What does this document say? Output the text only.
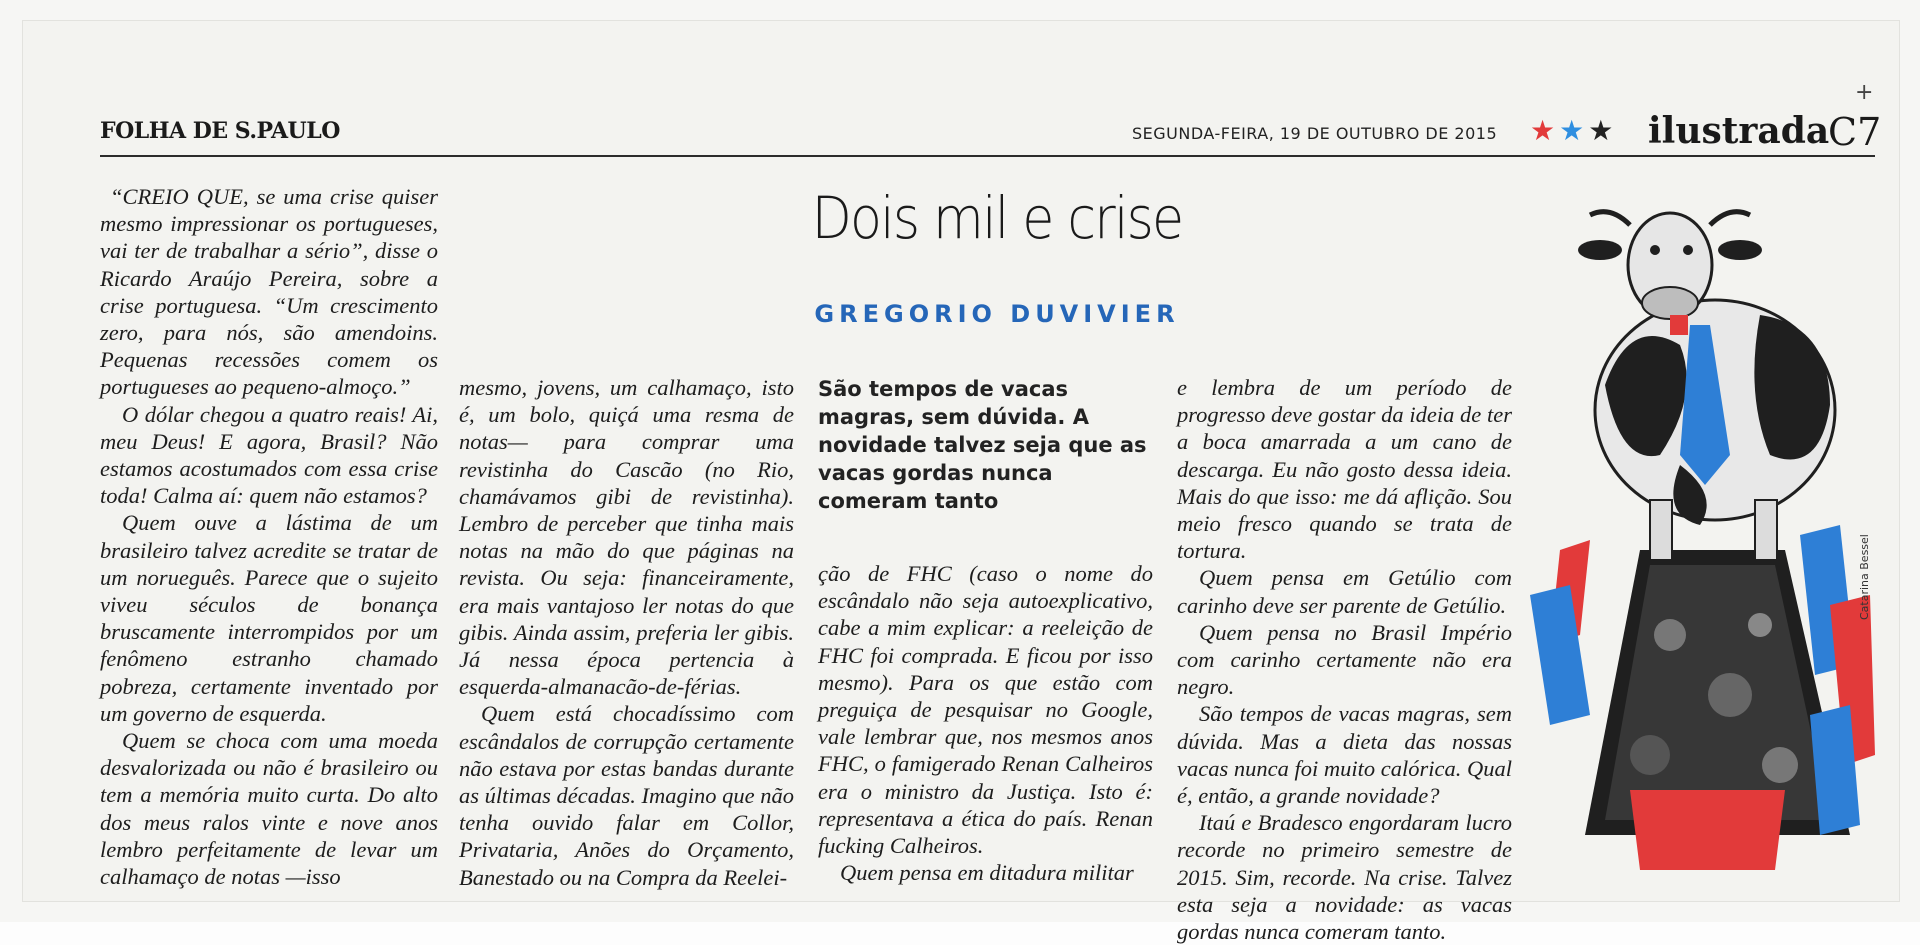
+
FOLHA DE S.PAULO	SEGUNDA-FEIRA, 19 DE OUTUBRO DE 2015 ★★★ ilustrada
C7

“CREIO QUE, se uma crise quiser mesmo impressionar os portugueses, vai ter de trabalhar a sério”, disse o Ricardo Araújo Pereira, sobre a crise portuguesa. “Um crescimento zero, para nós, são amendoins. Pequenas recessões comem os portugueses ao pequeno-almoço.”

O dólar chegou a quatro reais! Ai, meu Deus! E agora, Brasil? Não estamos acostumados com essa crise toda! Calma aí: quem não estamos?

Quem ouve a lástima de um brasileiro talvez acredite se tratar de um norueguês. Parece que o sujeito viveu séculos de bonança bruscamente interrompidos por um fenômeno estranho chamado pobreza, certamente inventado por um governo de esquerda.

Quem se choca com uma moeda desvalorizada ou não é brasileiro ou tem a memória muito curta. Do alto dos meus ralos vinte e nove anos lembro perfeitamente de levar um calhamaço de notas —isso

Dois mil e crise
GREGORIO DUVIVIER

mesmo, jovens, um calhamaço, isto é, um bolo, quiçá uma resma de notas— para comprar uma revistinha do Cascão (no Rio, chamávamos gibi de revistinha). Lembro de perceber que tinha mais notas na mão do que páginas na revista. Ou seja: financeiramente, era mais vantajoso ler notas do que gibis. Ainda assim, preferia ler gibis. Já nessa época pertencia à esquerda-almanacão-de-férias.

Quem está chocadíssimo com escândalos de corrupção certamente não estava por estas bandas durante as últimas décadas. Imagino que não tenha ouvido falar em Collor, Privataria, Anões do Orçamento, Banestado ou na Compra da Reelei-

São tempos de vacas magras, sem dúvida. A novidade talvez seja que as vacas gordas nunca comeram tanto

ção de FHC (caso o nome do escândalo não seja autoexplicativo, cabe a mim explicar: a reeleição de FHC foi comprada. E ficou por isso mesmo). Para os que estão com preguiça de pesquisar no Google, vale lembrar que, nos mesmos anos FHC, o famigerado Renan Calheiros era o ministro da Justiça. Isto é: representava a ética do país. Renan fucking Calheiros.

Quem pensa em ditadura militar

e lembra de um período de progresso deve gostar da ideia de ter a boca amarrada a um cano de descarga. Eu não gosto dessa ideia. Mais do que isso: me dá aflição. Sou meio fresco quando se trata de tortura.

Quem pensa em Getúlio com carinho deve ser parente de Getúlio.

Quem pensa no Brasil Império com carinho certamente não era negro.

São tempos de vacas magras, sem dúvida. Mas a dieta das nossas vacas nunca foi muito calórica. Qual é, então, a grande novidade?

Itaú e Bradesco engordaram lucro recorde no primeiro semestre de 2015. Sim, recorde. Na crise. Talvez esta seja a novidade: as vacas gordas nunca comeram tanto.

Catarina Bessel
